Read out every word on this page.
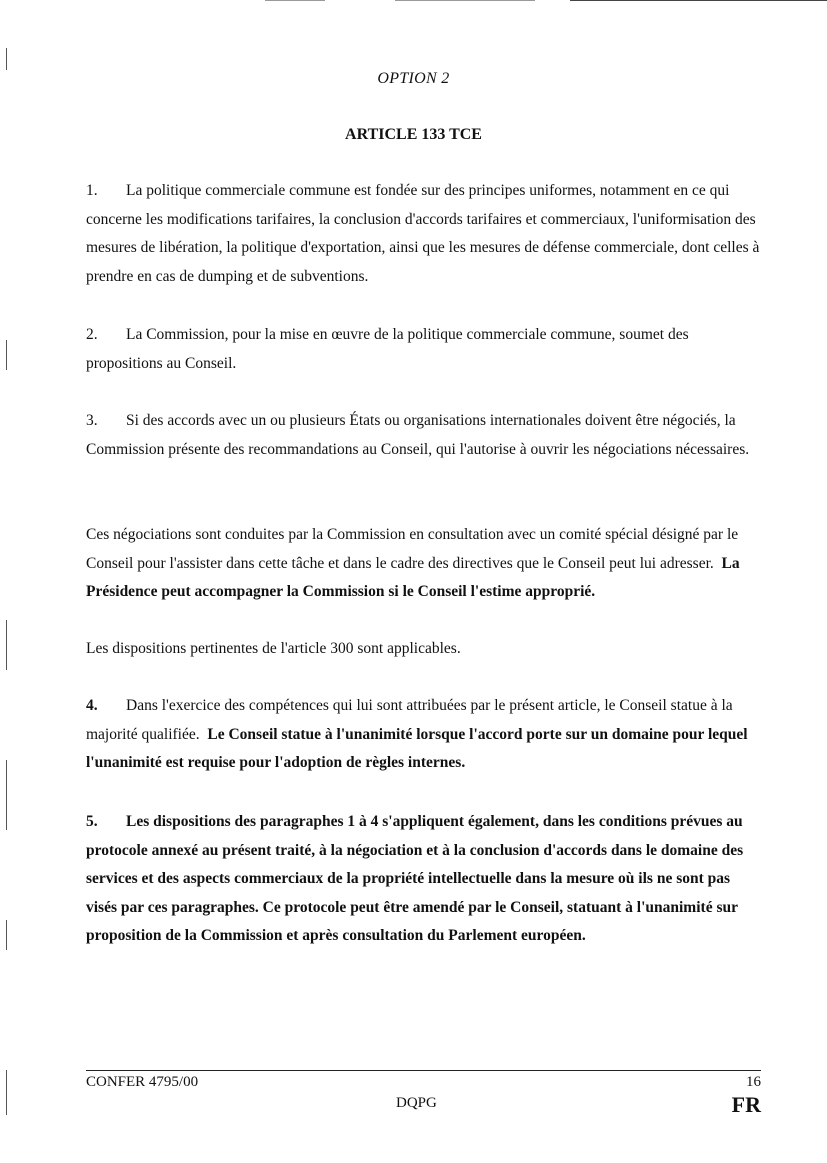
OPTION 2
ARTICLE 133 TCE

1. La politique commerciale commune est fondée sur des principes uniformes, notamment en ce qui concerne les modifications tarifaires, la conclusion d'accords tarifaires et commerciaux, l'uniformisation des mesures de libération, la politique d'exportation, ainsi que les mesures de défense commerciale, dont celles à prendre en cas de dumping et de subventions.

2. La Commission, pour la mise en œuvre de la politique commerciale commune, soumet des propositions au Conseil.

3. Si des accords avec un ou plusieurs États ou organisations internationales doivent être négociés, la Commission présente des recommandations au Conseil, qui l'autorise à ouvrir les négociations nécessaires.

Ces négociations sont conduites par la Commission en consultation avec un comité spécial désigné par le Conseil pour l'assister dans cette tâche et dans le cadre des directives que le Conseil peut lui adresser. La Présidence peut accompagner la Commission si le Conseil l'estime approprié.

Les dispositions pertinentes de l'article 300 sont applicables.

4. Dans l'exercice des compétences qui lui sont attribuées par le présent article, le Conseil statue à la majorité qualifiée. Le Conseil statue à l'unanimité lorsque l'accord porte sur un domaine pour lequel l'unanimité est requise pour l'adoption de règles internes.

5. Les dispositions des paragraphes 1 à 4 s'appliquent également, dans les conditions prévues au protocole annexé au présent traité, à la négociation et à la conclusion d'accords dans le domaine des services et des aspects commerciaux de la propriété intellectuelle dans la mesure où ils ne sont pas visés par ces paragraphes. Ce protocole peut être amendé par le Conseil, statuant à l'unanimité sur proposition de la Commission et après consultation du Parlement européen.

CONFER 4795/00
DQPG
16
FR
